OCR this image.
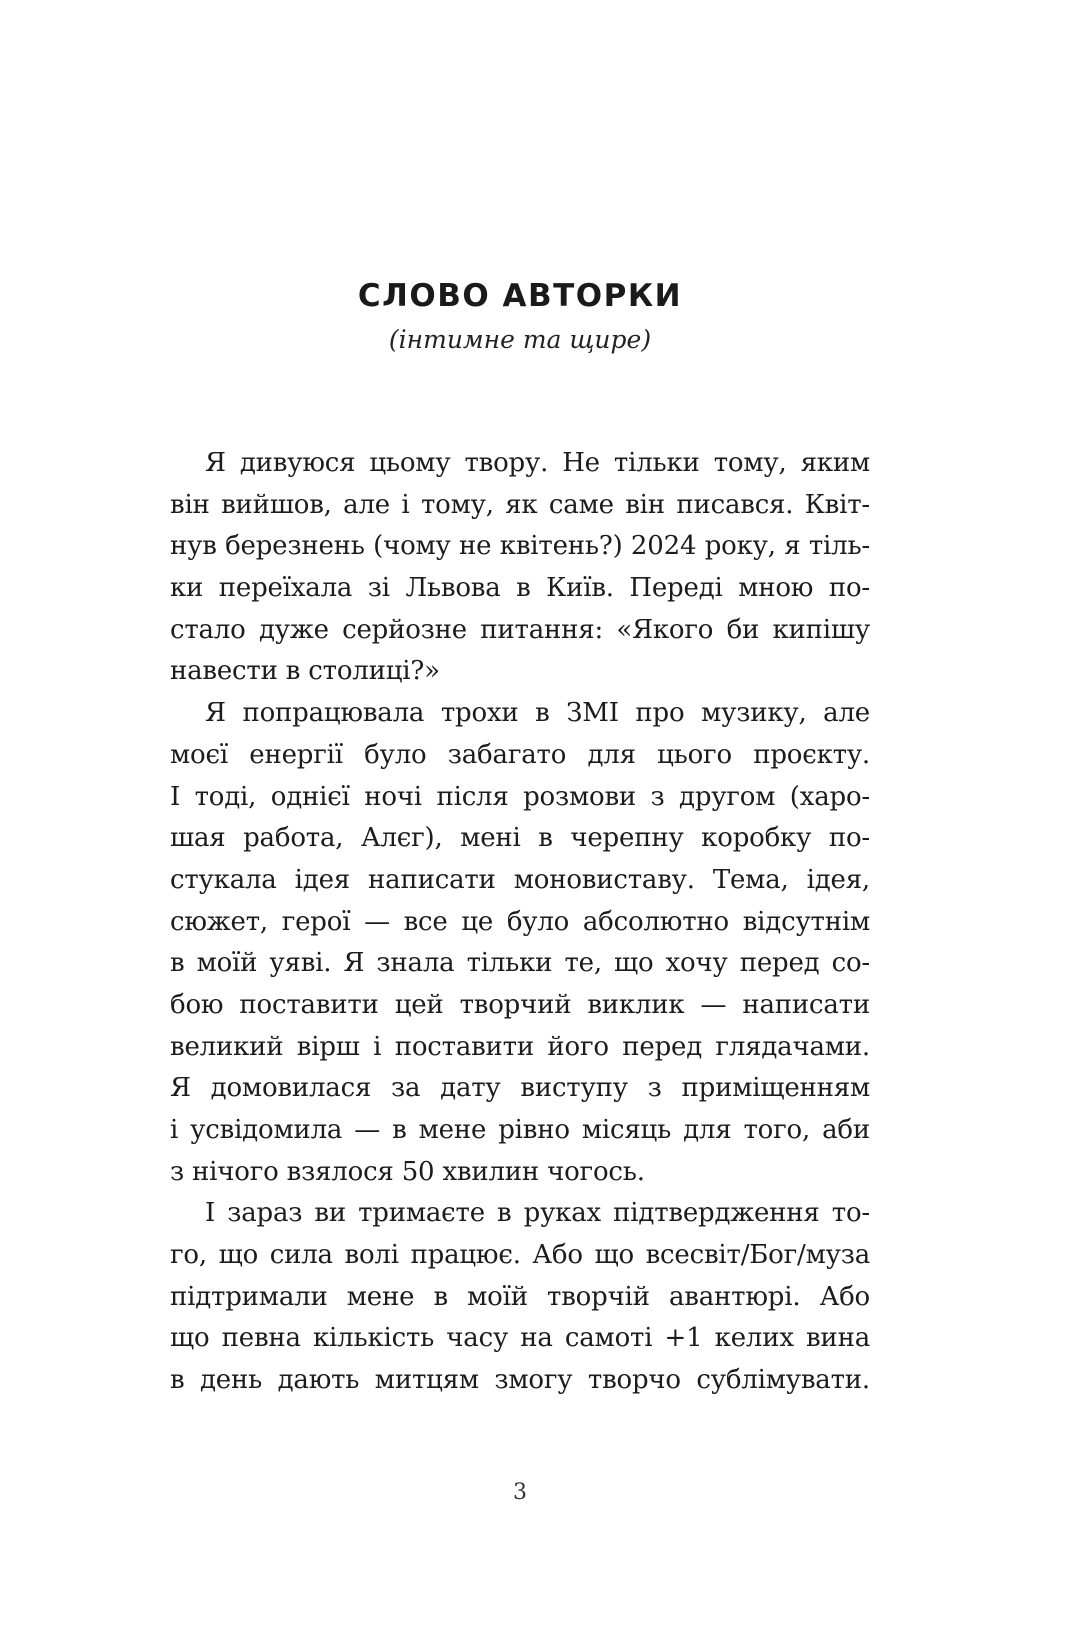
СЛОВО АВТОРКИ
(інтимне та щире)
Я дивуюся цьому твору. Не тільки тому, яким
він вийшов, але і тому, як саме він писався. Квіт-
нув березнень (чому не квітень?) 2024 року, я тіль-
ки переїхала зі Львова в Київ. Переді мною по-
стало дуже серйозне питання: «Якого би кипішу
навести в столиці?»
Я попрацювала трохи в ЗМІ про музику, але
моєї енергії було забагато для цього проєкту.
І тоді, однієї ночі після розмови з другом (харо-
шая работа, Алєг), мені в черепну коробку по-
стукала ідея написати моновиставу. Тема, ідея,
сюжет, герої — все це було абсолютно відсутнім
в моїй уяві. Я знала тільки те, що хочу перед со-
бою поставити цей творчий виклик — написати
великий вірш і поставити його перед глядачами.
Я домовилася за дату виступу з приміщенням
і усвідомила — в мене рівно місяць для того, аби
з нічого взялося 50 хвилин чогось.
І зараз ви тримаєте в руках підтвердження то-
го, що сила волі працює. Або що всесвіт/Бог/муза
підтримали мене в моїй творчій авантюрі. Або
що певна кількість часу на самоті +1 келих вина
в день дають митцям змогу творчо сублімувати.
3
